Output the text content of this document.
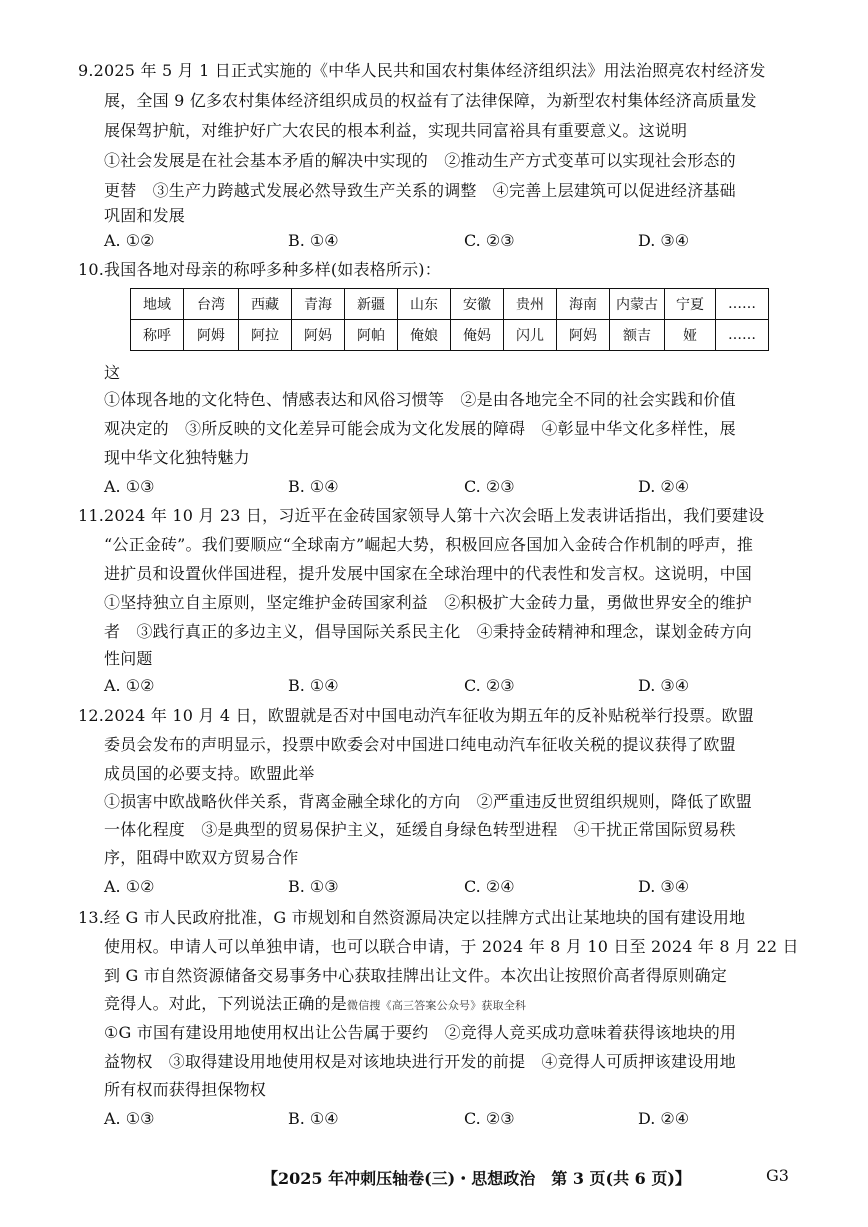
9.2025 年 5 月 1 日正式实施的《中华人民共和国农村集体经济组织法》用法治照亮农村经济发
展，全国 9 亿多农村集体经济组织成员的权益有了法律保障，为新型农村集体经济高质量发
展保驾护航，对维护好广大农民的根本利益，实现共同富裕具有重要意义。这说明
①社会发展是在社会基本矛盾的解决中实现的　②推动生产方式变革可以实现社会形态的
更替　③生产力跨越式发展必然导致生产关系的调整　④完善上层建筑可以促进经济基础
巩固和发展
A. ①②	B. ①④	C. ②③	D. ③④
10.我国各地对母亲的称呼多种多样(如表格所示)：
地域	台湾	西藏	青海	新疆	山东	安徽	贵州	海南	内蒙古	宁夏	……
称呼	阿姆	阿拉	阿妈	阿帕	俺娘	俺妈	闪儿	阿妈	额吉	娅	……
这
①体现各地的文化特色、情感表达和风俗习惯等　②是由各地完全不同的社会实践和价值
观决定的　③所反映的文化差异可能会成为文化发展的障碍　④彰显中华文化多样性，展
现中华文化独特魅力
A. ①③	B. ①④	C. ②③	D. ②④
11.2024 年 10 月 23 日，习近平在金砖国家领导人第十六次会晤上发表讲话指出，我们要建设
“公正金砖”。我们要顺应“全球南方”崛起大势，积极回应各国加入金砖合作机制的呼声，推
进扩员和设置伙伴国进程，提升发展中国家在全球治理中的代表性和发言权。这说明，中国
①坚持独立自主原则，坚定维护金砖国家利益　②积极扩大金砖力量，勇做世界安全的维护
者　③践行真正的多边主义，倡导国际关系民主化　④秉持金砖精神和理念，谋划金砖方向
性问题
A. ①②	B. ①④	C. ②③	D. ③④
12.2024 年 10 月 4 日，欧盟就是否对中国电动汽车征收为期五年的反补贴税举行投票。欧盟
委员会发布的声明显示，投票中欧委会对中国进口纯电动汽车征收关税的提议获得了欧盟
成员国的必要支持。欧盟此举
①损害中欧战略伙伴关系，背离金融全球化的方向　②严重违反世贸组织规则，降低了欧盟
一体化程度　③是典型的贸易保护主义，延缓自身绿色转型进程　④干扰正常国际贸易秩
序，阻碍中欧双方贸易合作
A. ①②	B. ①③	C. ②④	D. ③④
13.经 G 市人民政府批准，G 市规划和自然资源局决定以挂牌方式出让某地块的国有建设用地
使用权。申请人可以单独申请，也可以联合申请，于 2024 年 8 月 10 日至 2024 年 8 月 22 日
到 G 市自然资源储备交易事务中心获取挂牌出让文件。本次出让按照价高者得原则确定
竞得人。对此，下列说法正确的是微信搜《高三答案公众号》获取全科
①G 市国有建设用地使用权出让公告属于要约　②竞得人竞买成功意味着获得该地块的用
益物权　③取得建设用地使用权是对该地块进行开发的前提　④竞得人可质押该建设用地
所有权而获得担保物权
A. ①③	B. ①④	C. ②③	D. ②④
【2025 年冲刺压轴卷(三)・思想政治　第 3 页(共 6 页)】	G3
